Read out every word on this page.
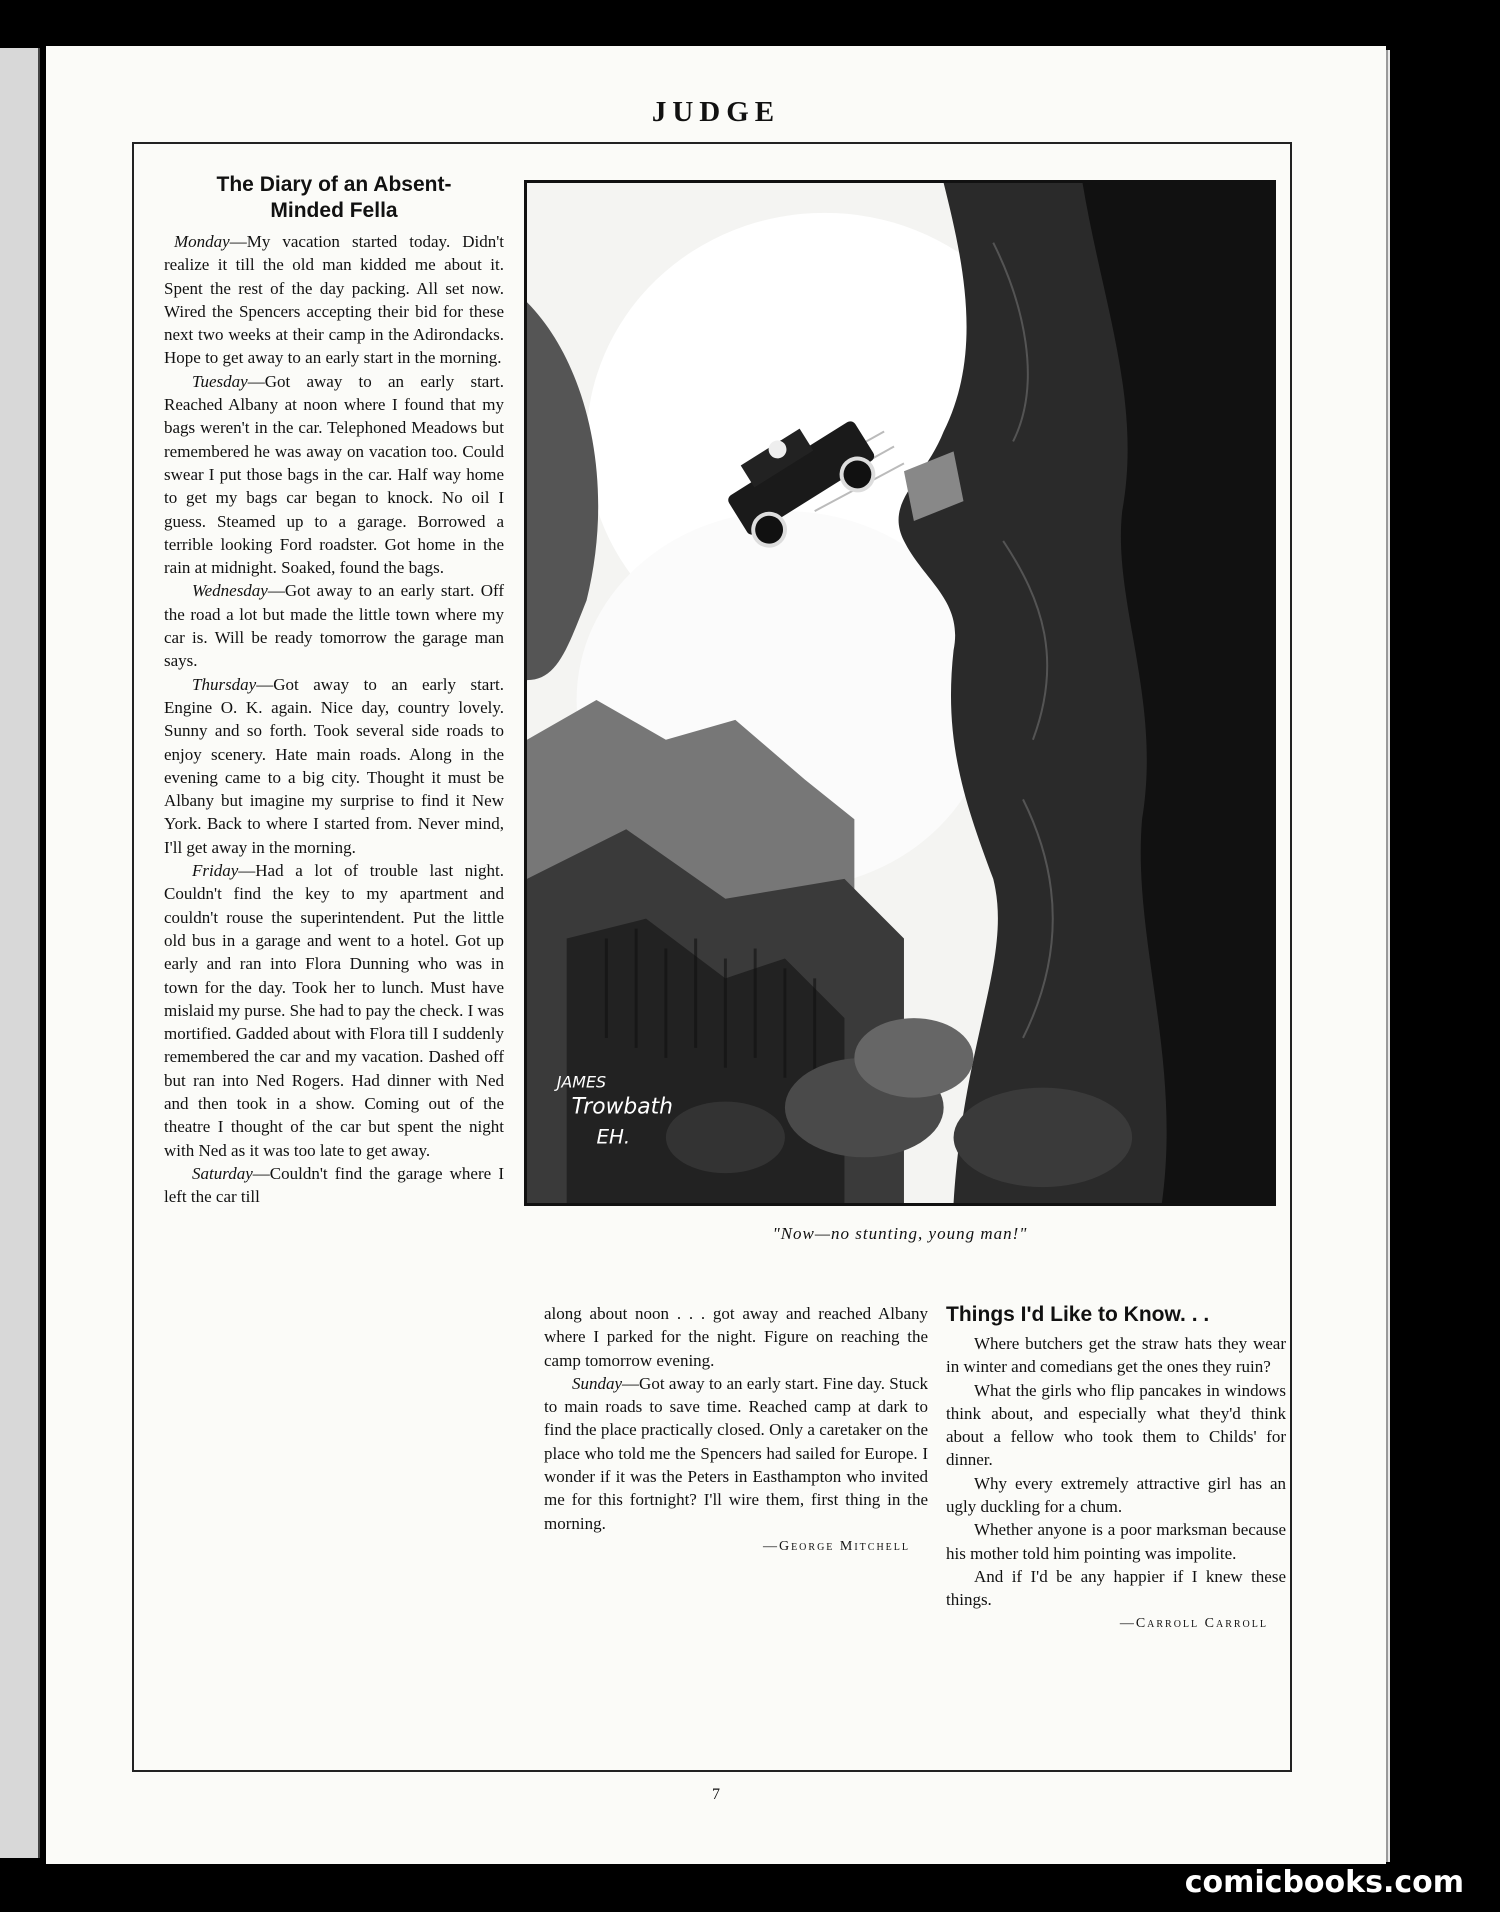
JUDGE
The Diary of an Absent-
Minded Fella

Monday—My vacation started today. Didn't realize it till the old man kidded me about it. Spent the rest of the day packing. All set now. Wired the Spencers accepting their bid for these next two weeks at their camp in the Adirondacks. Hope to get away to an early start in the morning.

Tuesday—Got away to an early start. Reached Albany at noon where I found that my bags weren't in the car. Telephoned Meadows but remembered he was away on vacation too. Could swear I put those bags in the car. Half way home to get my bags car began to knock. No oil I guess. Steamed up to a garage. Borrowed a terrible looking Ford roadster. Got home in the rain at midnight. Soaked, found the bags.

Wednesday—Got away to an early start. Off the road a lot but made the little town where my car is. Will be ready tomorrow the garage man says.

Thursday—Got away to an early start. Engine O. K. again. Nice day, country lovely. Sunny and so forth. Took several side roads to enjoy scenery. Hate main roads. Along in the evening came to a big city. Thought it must be Albany but imagine my surprise to find it New York. Back to where I started from. Never mind, I'll get away in the morning.

Friday—Had a lot of trouble last night. Couldn't find the key to my apartment and couldn't rouse the superintendent. Put the little old bus in a garage and went to a hotel. Got up early and ran into Flora Dunning who was in town for the day. Took her to lunch. Must have mislaid my purse. She had to pay the check. I was mortified. Gadded about with Flora till I suddenly remembered the car and my vacation. Dashed off but ran into Ned Rogers. Had dinner with Ned and then took in a show. Coming out of the theatre I thought of the car but spent the night with Ned as it was too late to get away.

Saturday—Couldn't find the garage where I left the car till

JAMES
Trowbath
EH.
"Now—no stunting, young man!"

along about noon . . . got away and reached Albany where I parked for the night. Figure on reaching the camp tomorrow evening.

Sunday—Got away to an early start. Fine day. Stuck to main roads to save time. Reached camp at dark to find the place practically closed. Only a caretaker on the place who told me the Spencers had sailed for Europe. I wonder if it was the Peters in Easthampton who invited me for this fortnight? I'll wire them, first thing in the morning.

—George Mitchell
Things I'd Like to Know. . .

Where butchers get the straw hats they wear in winter and comedians get the ones they ruin?

What the girls who flip pancakes in windows think about, and especially what they'd think about a fellow who took them to Childs' for dinner.

Why every extremely attractive girl has an ugly duckling for a chum.

Whether anyone is a poor marksman because his mother told him pointing was impolite.

And if I'd be any happier if I knew these things.

—Carroll Carroll
7
comicbooks.com
